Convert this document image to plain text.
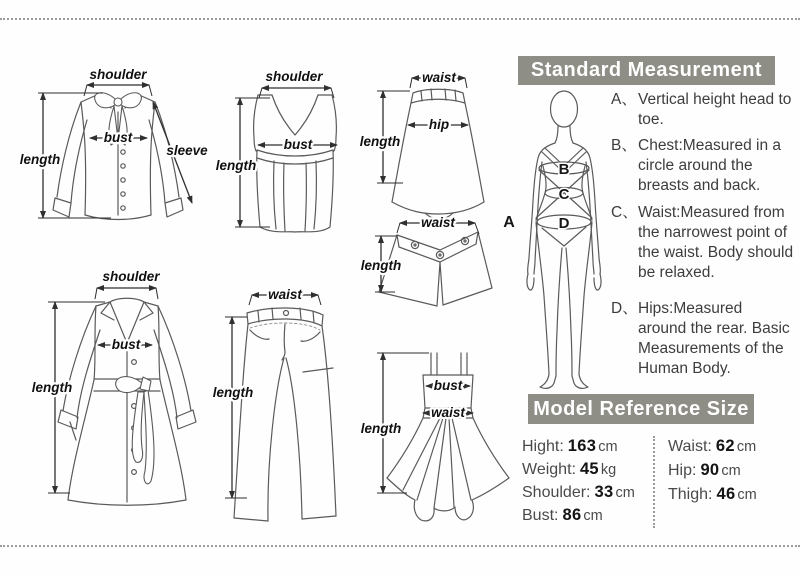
shoulder
bust
length
sleeve
shoulder
bust
length
waist
hip
length
waist
length
shoulder
bust
length
waist
length	bust
waist
length
Standard Measurement
A
B
C
D
A、 Vertical height head to toe.
B、 Chest:Measured in a circle around the breasts and back.
C、 Waist:Measured from the narrowest point of the waist. Body should be relaxed.
D、 Hips:Measured around the rear. Basic Measurements of the Human Body.
Model Reference Size
Hight: 163 cm
Weight: 45 kg
Shoulder: 33 cm
Bust: 86 cm
Waist: 62 cm
Hip: 90 cm
Thigh: 46 cm
